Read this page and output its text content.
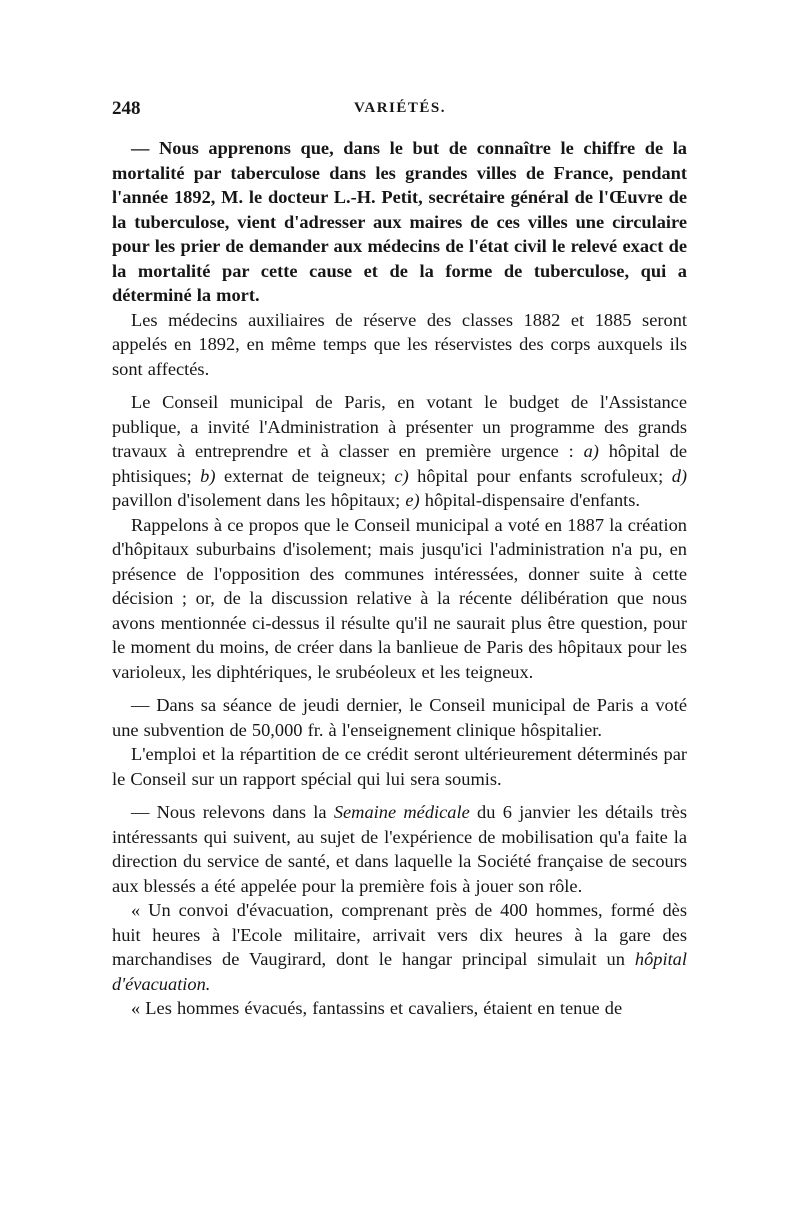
248	VARIÉTÉS.

— Nous apprenons que, dans le but de connaître le chiffre de la mortalité par taberculose dans les grandes villes de France, pendant l'année 1892, M. le docteur L.-H. Petit, secrétaire général de l'Œuvre de la tuberculose, vient d'adresser aux maires de ces villes une circulaire pour les prier de demander aux médecins de l'état civil le relevé exact de la mortalité par cette cause et de la forme de tuberculose, qui a déterminé la mort.

Les médecins auxiliaires de réserve des classes 1882 et 1885 seront appelés en 1892, en même temps que les réservistes des corps auxquels ils sont affectés.

Le Conseil municipal de Paris, en votant le budget de l'Assistance publique, a invité l'Administration à présenter un programme des grands travaux à entreprendre et à classer en première urgence : a) hôpital de phtisiques; b) externat de teigneux; c) hôpital pour enfants scrofuleux; d) pavillon d'isolement dans les hôpitaux; e) hôpital-dispensaire d'enfants.

Rappelons à ce propos que le Conseil municipal a voté en 1887 la création d'hôpitaux suburbains d'isolement; mais jusqu'ici l'administration n'a pu, en présence de l'opposition des communes intéressées, donner suite à cette décision ; or, de la discussion relative à la récente délibération que nous avons mentionnée ci-dessus il résulte qu'il ne saurait plus être question, pour le moment du moins, de créer dans la banlieue de Paris des hôpitaux pour les varioleux, les diphtériques, le srubéoleux et les teigneux.

— Dans sa séance de jeudi dernier, le Conseil municipal de Paris a voté une subvention de 50,000 fr. à l'enseignement clinique hôspitalier.

L'emploi et la répartition de ce crédit seront ultérieurement déterminés par le Conseil sur un rapport spécial qui lui sera soumis.

— Nous relevons dans la Semaine médicale du 6 janvier les détails très intéressants qui suivent, au sujet de l'expérience de mobilisation qu'a faite la direction du service de santé, et dans laquelle la Société française de secours aux blessés a été appelée pour la première fois à jouer son rôle.

« Un convoi d'évacuation, comprenant près de 400 hommes, formé dès huit heures à l'Ecole militaire, arrivait vers dix heures à la gare des marchandises de Vaugirard, dont le hangar principal simulait un hôpital d'évacuation.

« Les hommes évacués, fantassins et cavaliers, étaient en tenue de
